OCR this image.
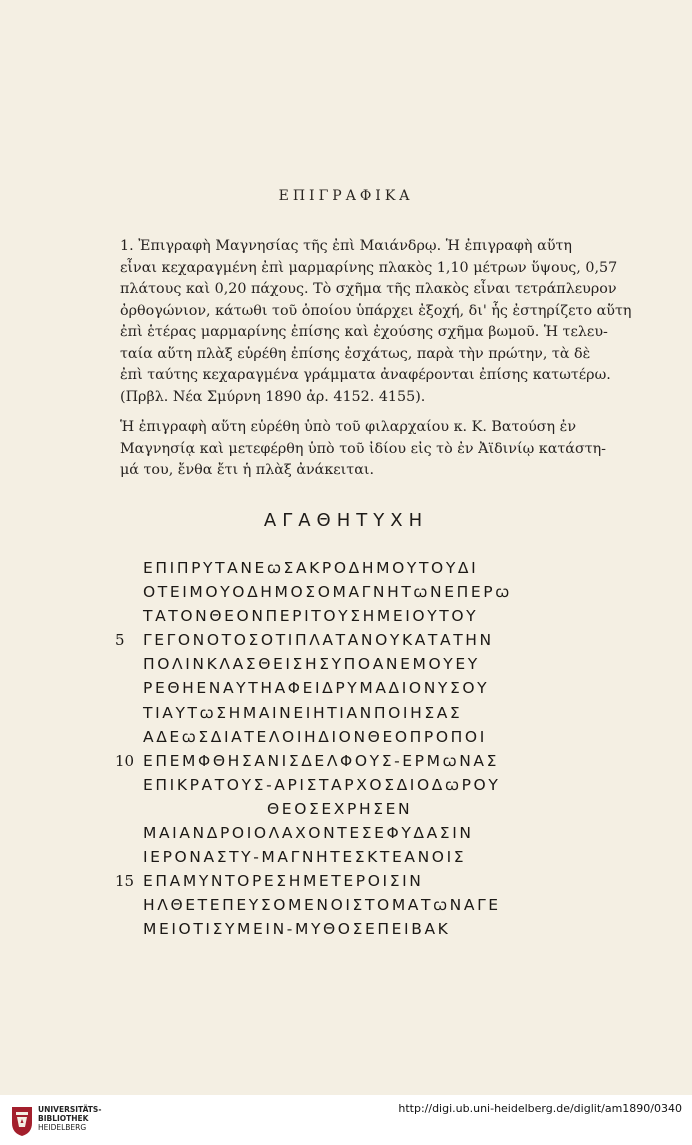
ΕΠΙΓΡΑΦΙΚΑ
1. Ἐπιγραφὴ Μαγνησίας τῆς ἐπὶ Μαιάνδρῳ. Ἡ ἐπιγραφὴ αὕτη
εἶναι κεχαραγμένη ἐπὶ μαρμαρίνης πλακὸς 1,10 μέτρων ὕψους, 0,57
πλάτους καὶ 0,20 πάχους. Τὸ σχῆμα τῆς πλακὸς εἶναι τετράπλευρον
ὀρθογώνιον, κάτωθι τοῦ ὁποίου ὑπάρχει ἐξοχή, δι' ἧς ἐστηρίζετο αὕτη
ἐπὶ ἑτέρας μαρμαρίνης ἐπίσης καὶ ἐχούσης σχῆμα βωμοῦ. Ἡ τελευ-
ταία αὕτη πλὰξ εὑρέθη ἐπίσης ἐσχάτως, παρὰ τὴν πρώτην, τὰ δὲ
ἐπὶ ταύτης κεχαραγμένα γράμματα ἀναφέρονται ἐπίσης κατωτέρω.
(Πρβλ. Νέα Σμύρνη 1890 ἀρ. 4152. 4155).
Ἡ ἐπιγραφὴ αὕτη εὑρέθη ὑπὸ τοῦ φιλαρχαίου κ. Κ. Βατούση ἐν
Μαγνησίᾳ καὶ μετεφέρθη ὑπὸ τοῦ ἰδίου εἰς τὸ ἐν Ἀϊδινίῳ κατάστη-
μά του, ἔνθα ἔτι ἡ πλὰξ ἀνάκειται.
ΑΓΑΘΗΤΥΧΗ
ΕΠΙΠΡΥΤΑΝΕꞷΣΑΚΡΟΔΗΜΟΥΤΟΥΔΙ
ΟΤΕΙΜΟΥΟΔΗΜΟΣΟΜΑΓΝΗΤꞷΝΕΠΕΡꞷ
ΤΑΤΟΝΘΕΟΝΠΕΡΙΤΟΥΣΗΜΕΙΟΥΤΟΥ
5	ΓΕΓΟΝΟΤΟΣΟΤΙΠΛΑΤΑΝΟΥΚΑΤΑΤΗΝ
ΠΟΛΙΝΚΛΑΣΘΕΙΣΗΣΥΠΟΑΝΕΜΟΥΕΥ
ΡΕΘΗΕΝΑΥΤΗΑΦΕΙΔΡΥΜΑΔΙΟΝΥΣΟΥ
ΤΙΑΥΤꞷΣΗΜΑΙΝΕΙΗΤΙΑΝΠΟΙΗΣΑΣ
ΑΔΕꞷΣΔΙΑΤΕΛΟΙΗΔΙΟΝΘΕΟΠΡΟΠΟΙ
10 ΕΠΕΜΦΘΗΣΑΝΙΣΔΕΛΦΟΥΣ-ΕΡΜꞷΝΑΣ
ΕΠΙΚΡΑΤΟΥΣ-ΑΡΙΣΤΑΡΧΟΣΔΙΟΔꞷΡΟΥ
ΘΕΟΣΕΧΡΗΣΕΝ
ΜΑΙΑΝΔΡΟΙΟΛΑΧΟΝΤΕΣΕΦΥΔΑΣΙΝ
ΙΕΡΟΝΑΣΤΥ-ΜΑΓΝΗΤΕΣΚΤΕΑΝΟΙΣ
15 ΕΠΑΜΥΝΤΟΡΕΣΗΜΕΤΕΡΟΙΣΙΝ
ΗΛΘΕΤΕΠΕΥΣΟΜΕΝΟΙΣΤΟΜΑΤꞷΝΑΓΕ
ΜΕΙΟΤΙΣΥΜΕΙΝ-ΜΥΘΟΣΕΠΕΙΒΑΚ
UNIVERSITÄTS-
BIBLIOTHEK
HEIDELBERG
http://digi.ub.uni-heidelberg.de/diglit/am1890/0340
